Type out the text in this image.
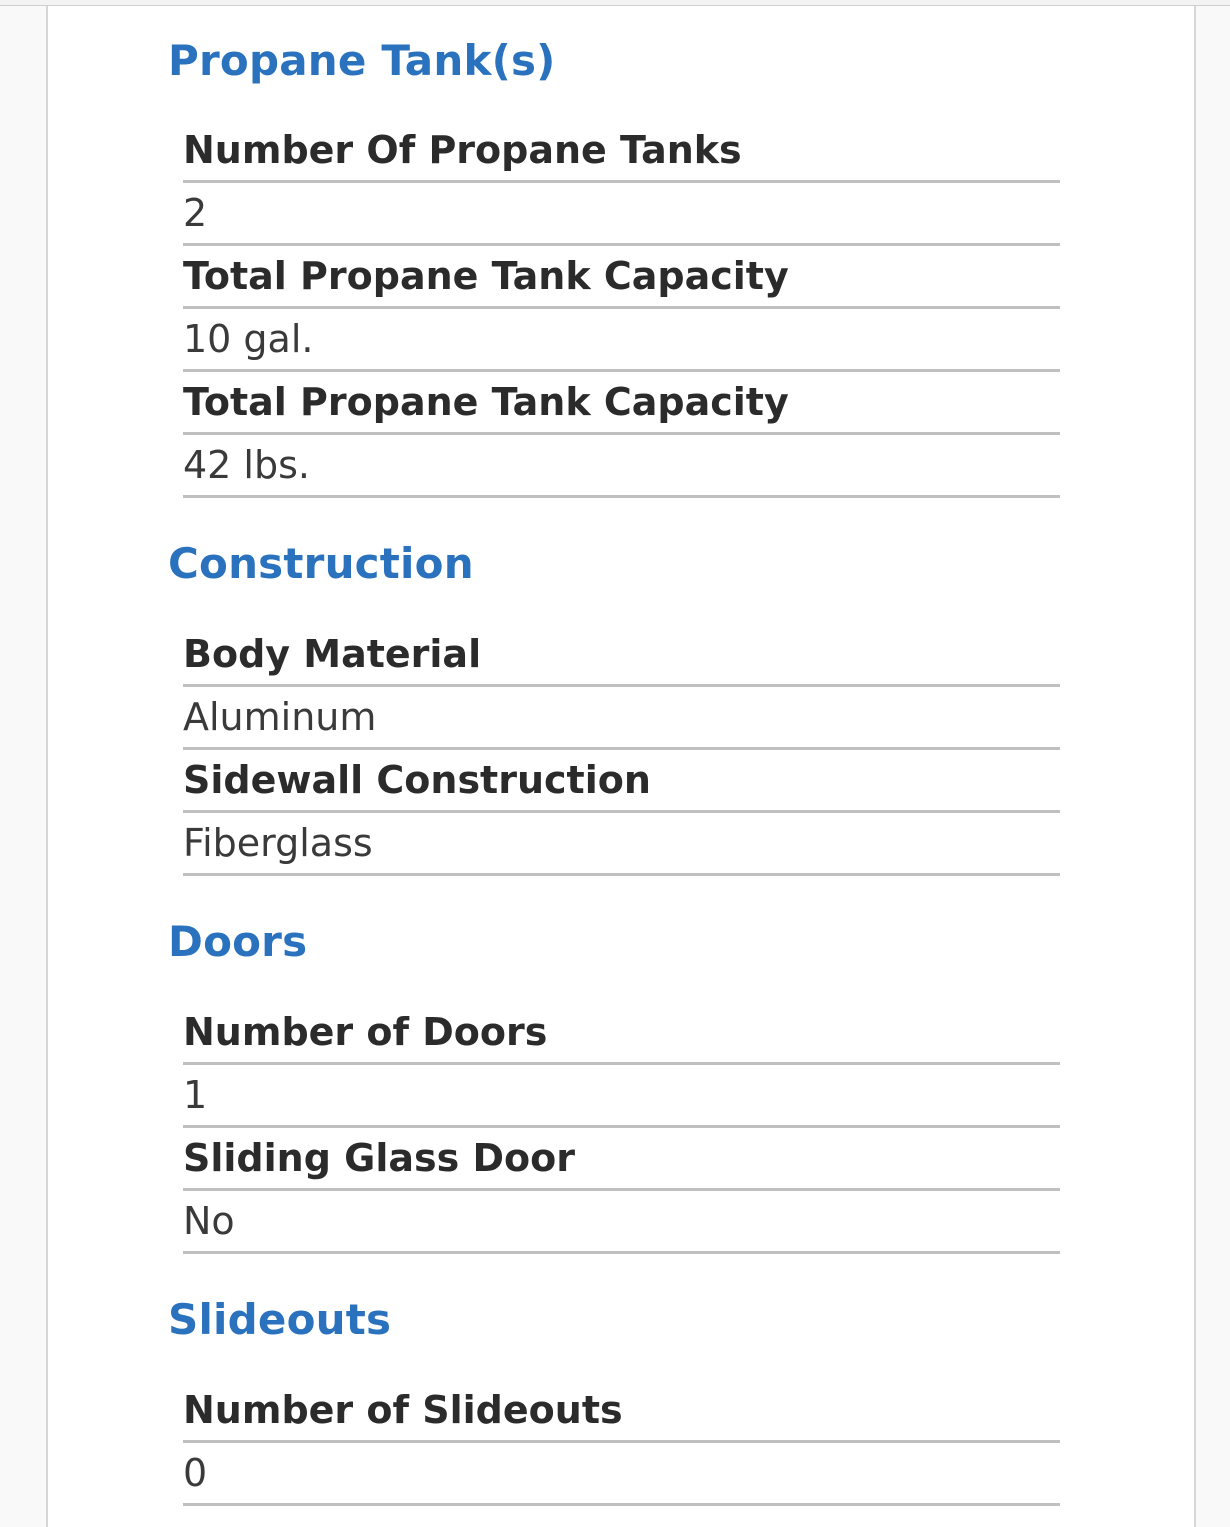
Propane Tank(s)
Number Of Propane Tanks
2
Total Propane Tank Capacity
10 gal.
Total Propane Tank Capacity
42 lbs.
Construction
Body Material
Aluminum
Sidewall Construction
Fiberglass
Doors
Number of Doors
1
Sliding Glass Door
No
Slideouts
Number of Slideouts
0
